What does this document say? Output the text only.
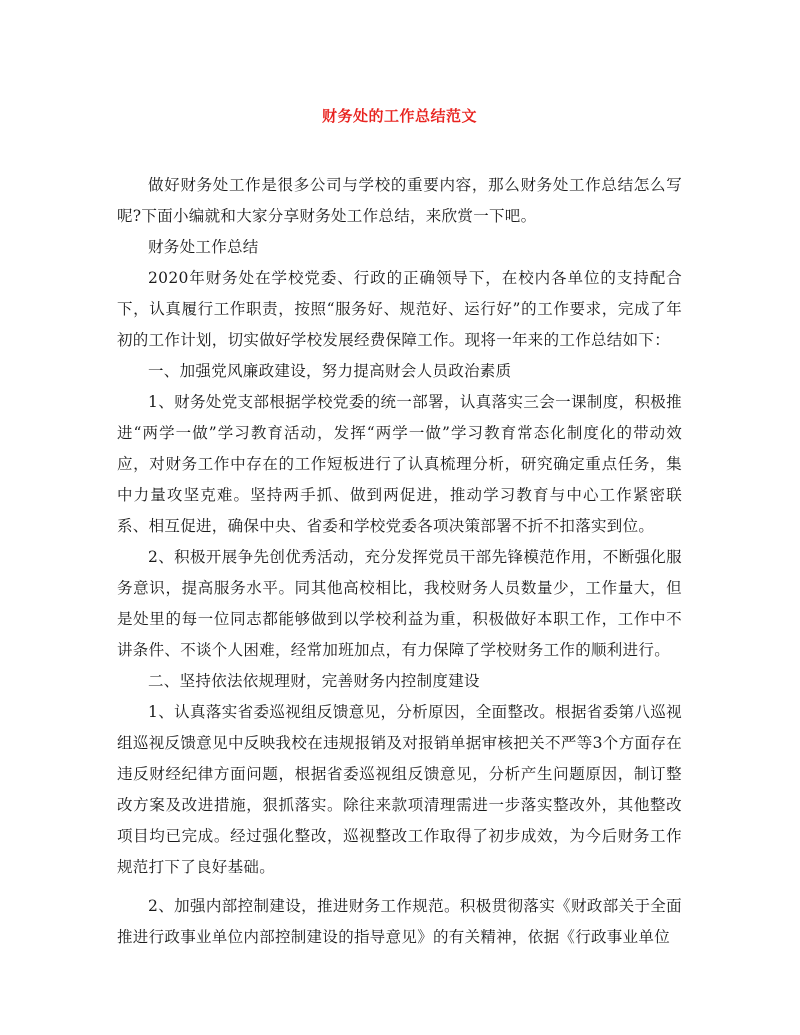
财务处的工作总结范文

做好财务处工作是很多公司与学校的重要内容，那么财务处工作总结怎么写呢?下面小编就和大家分享财务处工作总结，来欣赏一下吧。

财务处工作总结

2020年财务处在学校党委、行政的正确领导下，在校内各单位的支持配合下，认真履行工作职责，按照“服务好、规范好、运行好”的工作要求，完成了年初的工作计划，切实做好学校发展经费保障工作。现将一年来的工作总结如下：

一、加强党风廉政建设，努力提高财会人员政治素质

1、财务处党支部根据学校党委的统一部署，认真落实三会一课制度，积极推进“两学一做”学习教育活动，发挥“两学一做”学习教育常态化制度化的带动效应，对财务工作中存在的工作短板进行了认真梳理分析，研究确定重点任务，集中力量攻坚克难。坚持两手抓、做到两促进，推动学习教育与中心工作紧密联系、相互促进，确保中央、省委和学校党委各项决策部署不折不扣落实到位。

2、积极开展争先创优秀活动，充分发挥党员干部先锋模范作用，不断强化服务意识，提高服务水平。同其他高校相比，我校财务人员数量少，工作量大，但是处里的每一位同志都能够做到以学校利益为重，积极做好本职工作，工作中不讲条件、不谈个人困难，经常加班加点，有力保障了学校财务工作的顺利进行。

二、坚持依法依规理财，完善财务内控制度建设

1、认真落实省委巡视组反馈意见，分析原因，全面整改。根据省委第八巡视组巡视反馈意见中反映我校在违规报销及对报销单据审核把关不严等3个方面存在违反财经纪律方面问题，根据省委巡视组反馈意见，分析产生问题原因，制订整改方案及改进措施，狠抓落实。除往来款项清理需进一步落实整改外，其他整改项目均已完成。经过强化整改，巡视整改工作取得了初步成效，为今后财务工作规范打下了良好基础。

2、加强内部控制建设，推进财务工作规范。积极贯彻落实《财政部关于全面推进行政事业单位内部控制建设的指导意见》的有关精神，依据《行政事业单位
